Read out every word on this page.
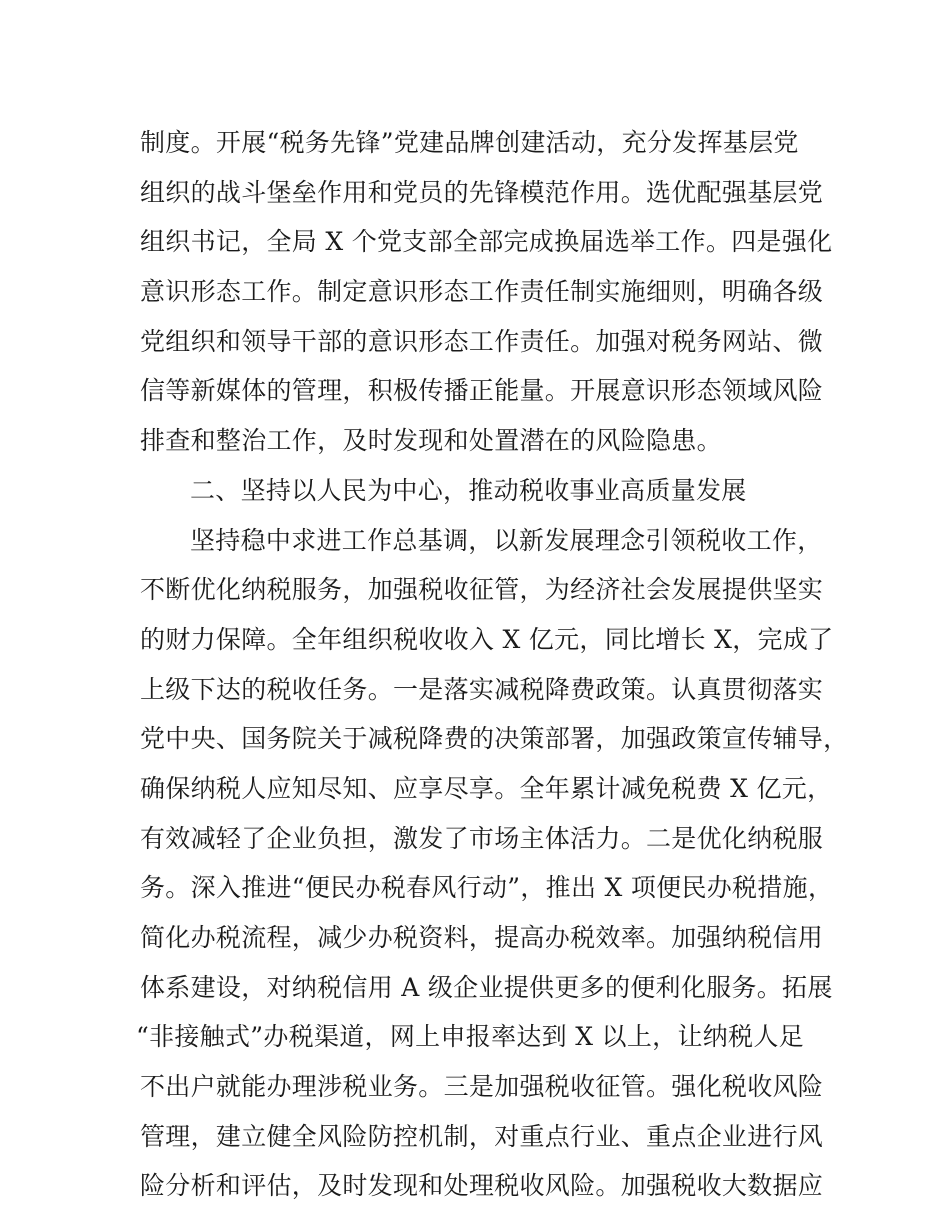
制度。开展“税务先锋”党建品牌创建活动，充分发挥基层党
组织的战斗堡垒作用和党员的先锋模范作用。选优配强基层党
组织书记，全局 X 个党支部全部完成换届选举工作。四是强化
意识形态工作。制定意识形态工作责任制实施细则，明确各级
党组织和领导干部的意识形态工作责任。加强对税务网站、微
信等新媒体的管理，积极传播正能量。开展意识形态领域风险
排查和整治工作，及时发现和处置潜在的风险隐患。
二、坚持以人民为中心，推动税收事业高质量发展
坚持稳中求进工作总基调，以新发展理念引领税收工作，
不断优化纳税服务，加强税收征管，为经济社会发展提供坚实
的财力保障。全年组织税收收入 X 亿元，同比增长 X，完成了
上级下达的税收任务。一是落实减税降费政策。认真贯彻落实
党中央、国务院关于减税降费的决策部署，加强政策宣传辅导，
确保纳税人应知尽知、应享尽享。全年累计减免税费 X 亿元，
有效减轻了企业负担，激发了市场主体活力。二是优化纳税服
务。深入推进“便民办税春风行动”，推出 X 项便民办税措施，
简化办税流程，减少办税资料，提高办税效率。加强纳税信用
体系建设，对纳税信用 A 级企业提供更多的便利化服务。拓展
“非接触式”办税渠道，网上申报率达到 X 以上，让纳税人足
不出户就能办理涉税业务。三是加强税收征管。强化税收风险
管理，建立健全风险防控机制，对重点行业、重点企业进行风
险分析和评估，及时发现和处理税收风险。加强税收大数据应
